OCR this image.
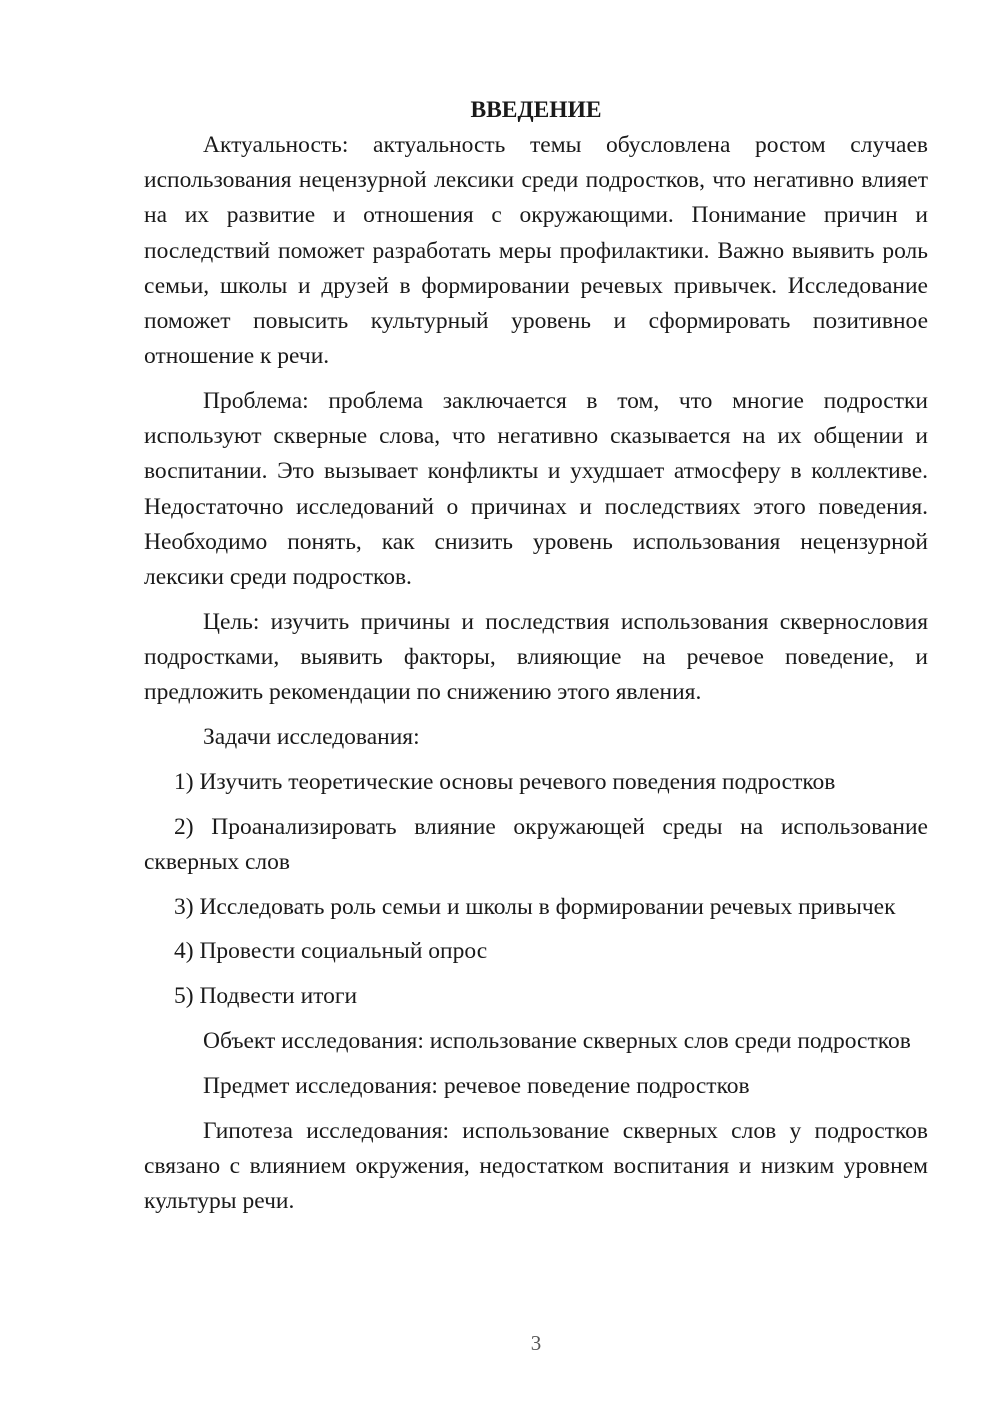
ВВЕДЕНИЕ

Актуальность: актуальность темы обусловлена ростом случаев использования нецензурной лексики среди подростков, что негативно влияет на их развитие и отношения с окружающими. Понимание причин и последствий поможет разработать меры профилактики. Важно выявить роль семьи, школы и друзей в формировании речевых привычек. Исследование поможет повысить культурный уровень и сформировать позитивное отношение к речи.

Проблема: проблема заключается в том, что многие подростки используют скверные слова, что негативно сказывается на их общении и воспитании. Это вызывает конфликты и ухудшает атмосферу в коллективе. Недостаточно исследований о причинах и последствиях этого поведения. Необходимо понять, как снизить уровень использования нецензурной лексики среди подростков.

Цель: изучить причины и последствия использования сквернословия подростками, выявить факторы, влияющие на речевое поведение, и предложить рекомендации по снижению этого явления.

Задачи исследования:

1) Изучить теоретические основы речевого поведения подростков

2) Проанализировать влияние окружающей среды на использование скверных слов

3) Исследовать роль семьи и школы в формировании речевых привычек

4) Провести социальный опрос

5) Подвести итоги

Объект исследования: использование скверных слов среди подростков

Предмет исследования: речевое поведение подростков

Гипотеза исследования: использование скверных слов у подростков связано с влиянием окружения, недостатком воспитания и низким уровнем культуры речи.

3
